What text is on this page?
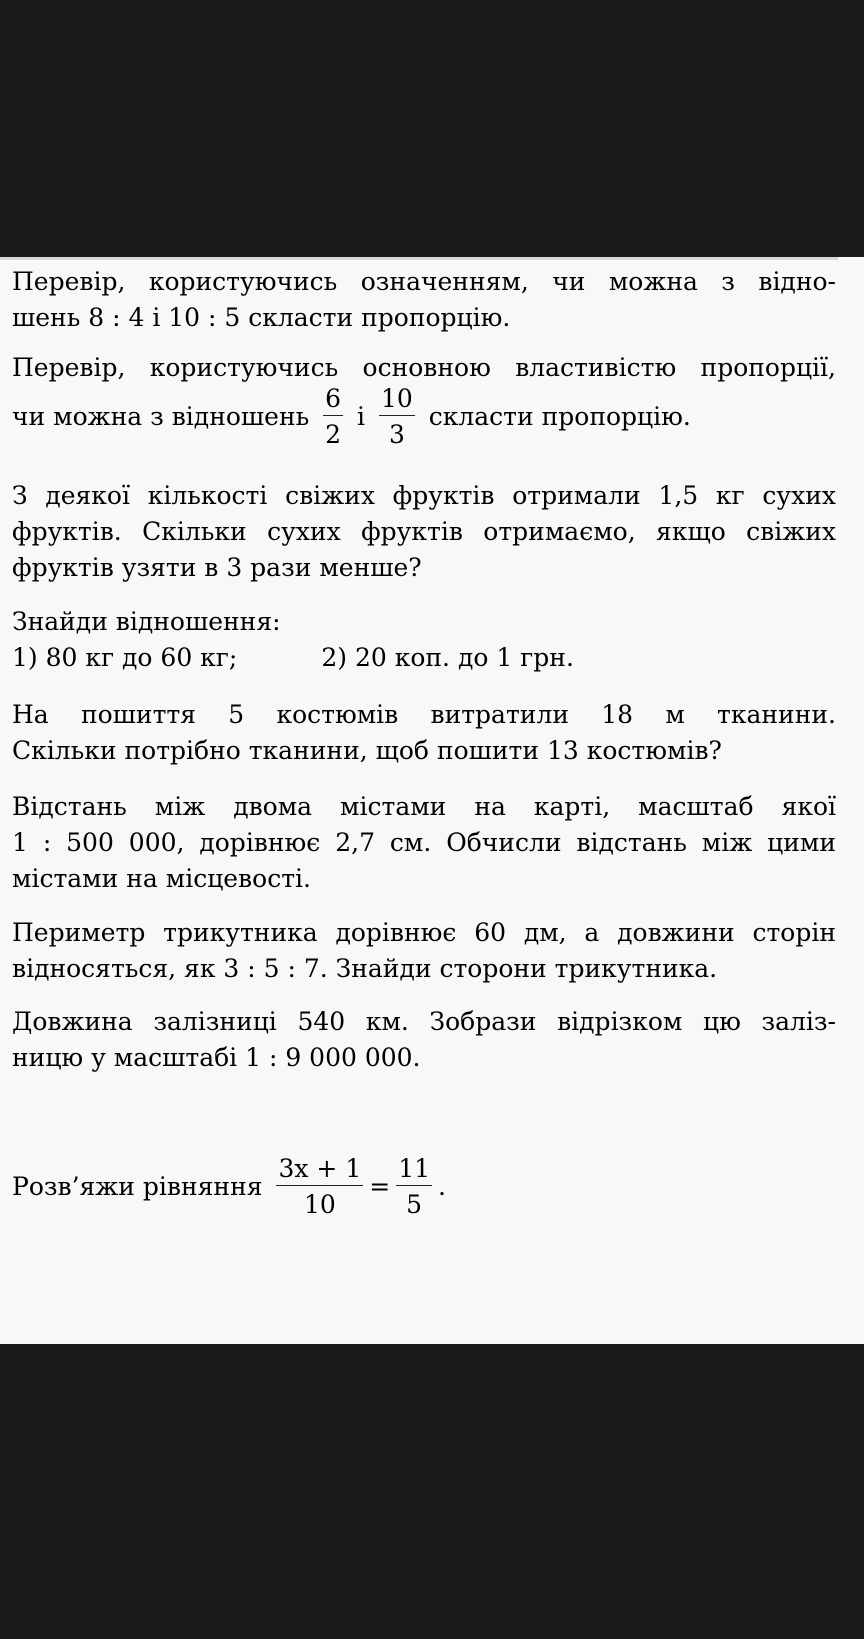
Перевір, користуючись означенням, чи можна з відно-
шень 8 : 4 і 10 : 5 скласти пропорцію.
Перевір, користуючись основною властивістю пропорції,
чи можна з відношень $\frac{6}{2}$ і $\frac{10}{3}$ скласти пропорцію.
З деякої кількості свіжих фруктів отримали 1,5 кг сухих
фруктів. Скільки сухих фруктів отримаємо, якщо свіжих
фруктів узяти в 3 рази менше?
Знайди відношення:
1) 80 кг до 60 кг;	2) 20 коп. до 1 грн.
На пошиття 5 костюмів витратили 18 м тканини.
Скільки потрібно тканини, щоб пошити 13 костюмів?
Відстань між двома містами на карті, масштаб якої
1 : 500 000, дорівнює 2,7 см. Обчисли відстань між цими
містами на місцевості.
Периметр трикутника дорівнює 60 дм, а довжини сторін
відносяться, як 3 : 5 : 7. Знайди сторони трикутника.
Довжина залізниці 540 км. Зобрази відрізком цю заліз-
ницю у масштабі 1 : 9 000 000.
Розв’яжи рівняння $\frac{3x + 1}{10} = \frac{11}{5}$ .
